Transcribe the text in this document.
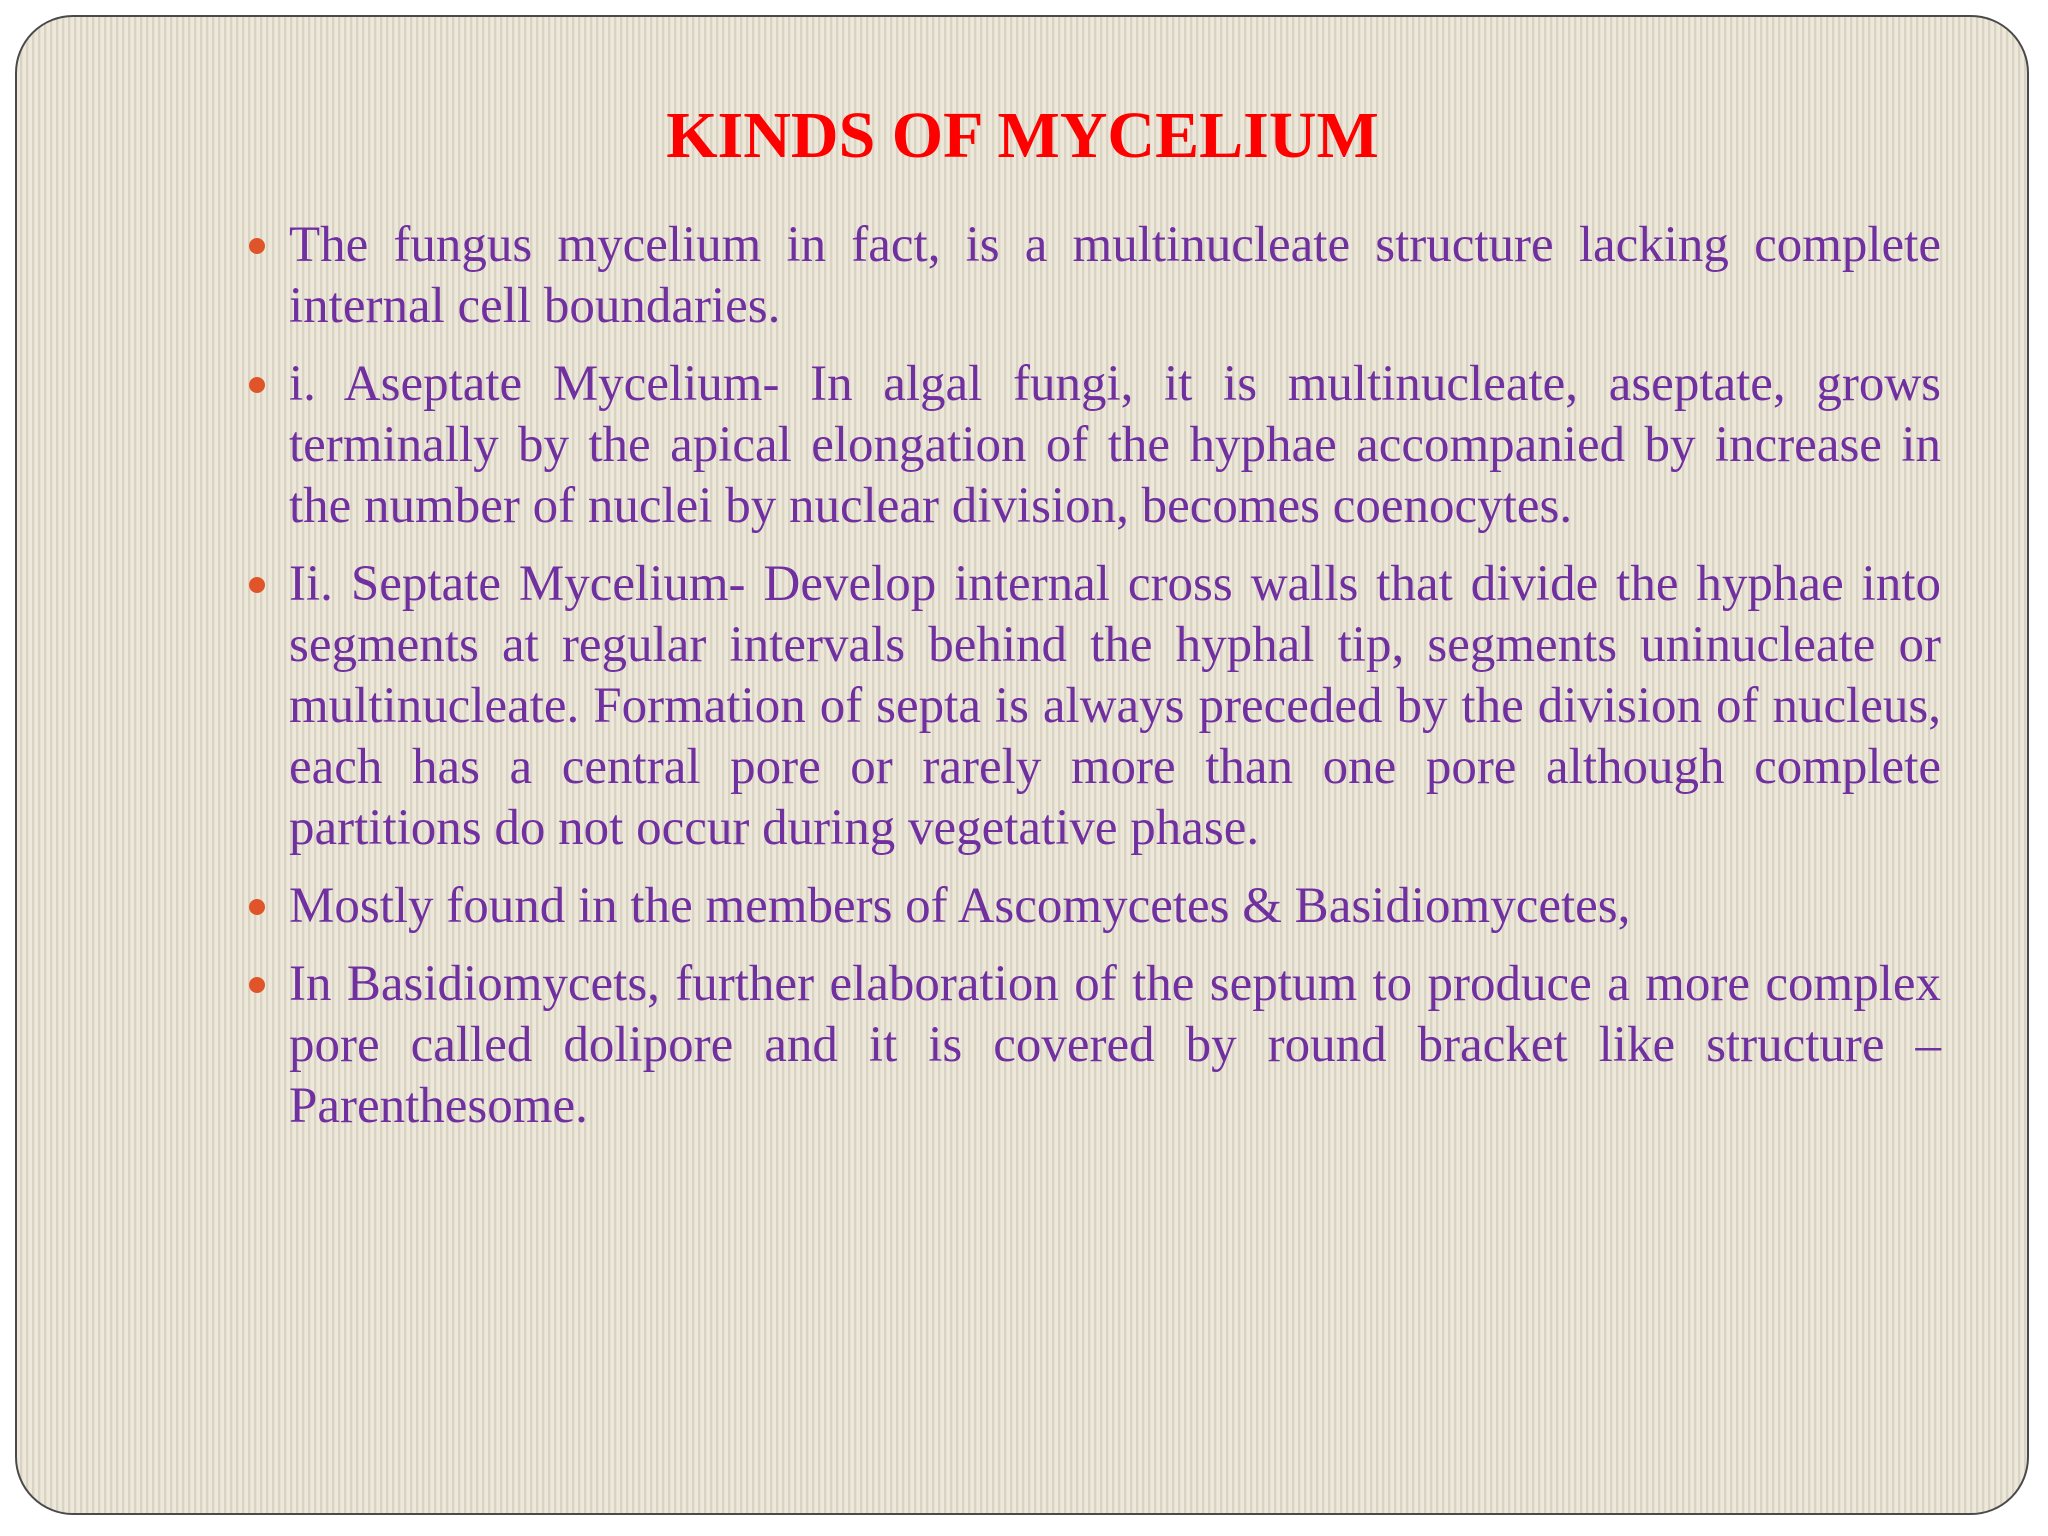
KINDS OF MYCELIUM
The fungus mycelium in fact, is a multinucleate structure lacking complete internal cell boundaries.
i. Aseptate Mycelium- In algal fungi, it is multinucleate, aseptate, grows terminally by the apical elongation of the hyphae accompanied by increase in the number of nuclei by nuclear division, becomes coenocytes.
Ii. Septate Mycelium- Develop internal cross walls that divide the hyphae into segments at regular intervals behind the hyphal tip, segments uninucleate or multinucleate. Formation of septa is always preceded by the division of nucleus, each has a central pore or rarely more than one pore although complete partitions do not occur during vegetative phase.
Mostly found in the members of Ascomycetes & Basidiomycetes,
In Basidiomycets, further elaboration of the septum to produce a more complex pore called dolipore and it is covered by round bracket like structure – Parenthesome.
